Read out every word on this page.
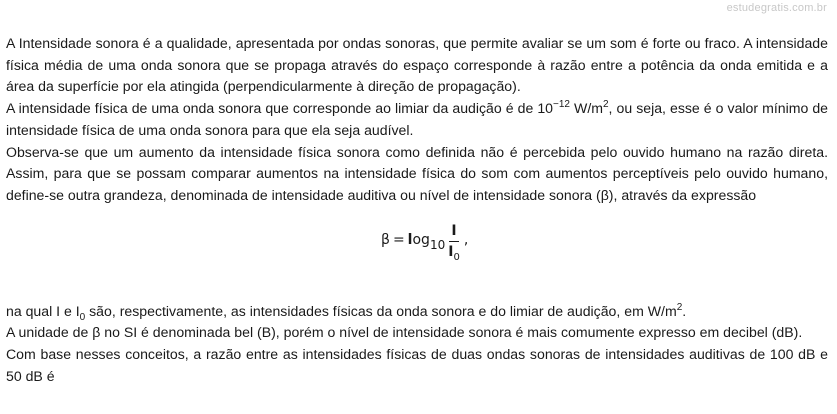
estudegratis.com.br

A Intensidade sonora é a qualidade, apresentada por ondas sonoras, que permite avaliar se um som é forte ou fraco. A intensidade física média de uma onda sonora que se propaga através do espaço corresponde à razão entre a potência da onda emitida e a área da superfície por ela atingida (perpendicularmente à direção de propagação).

A intensidade física de uma onda sonora que corresponde ao limiar da audição é de $10^{-12}$ $W/m^2$, ou seja, esse é o valor mínimo de intensidade física de uma onda sonora para que ela seja audível.

Observa-se que um aumento da intensidade física sonora como definida não é percebida pelo ouvido humano na razão direta. Assim, para que se possam comparar aumentos na intensidade física do som com aumentos perceptíveis pelo ouvido humano, define-se outra grandeza, denominada de intensidade auditiva ou nível de intensidade sonora (β), através da expressão

$\beta = \log 10 \frac{I}{I_0}$ ,

na qual I e $I_0$ são, respectivamente, as intensidades físicas da onda sonora e do limiar de audição, em $W/m^2$.

A unidade de β no SI é denominada bel (B), porém o nível de intensidade sonora é mais comumente expresso em decibel (dB).

Com base nesses conceitos, a razão entre as intensidades físicas de duas ondas sonoras de intensidades auditivas de 100 dB e 50 dB é
